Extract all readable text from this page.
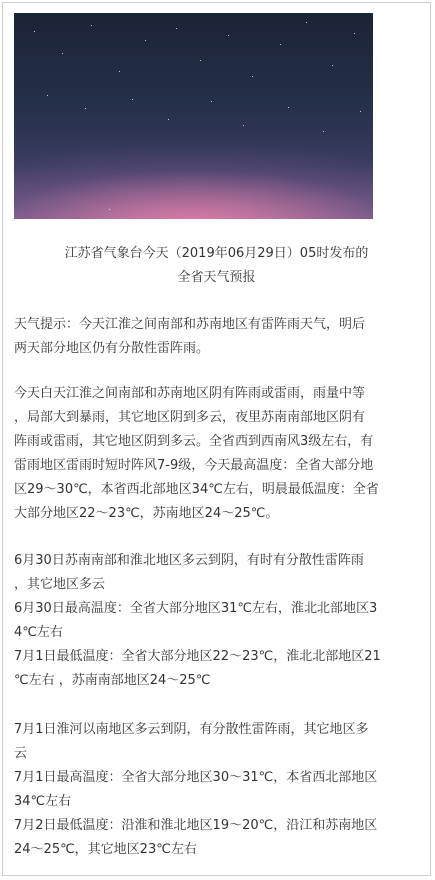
江苏省气象台今天（2019年06月29日）05时发布的
全省天气预报
天气提示：今天江淮之间南部和苏南地区有雷阵雨天气，明后
两天部分地区仍有分散性雷阵雨。
今天白天江淮之间南部和苏南地区阴有阵雨或雷雨，雨量中等
，局部大到暴雨，其它地区阴到多云，夜里苏南南部地区阴有
阵雨或雷雨，其它地区阴到多云。全省西到西南风3级左右，有
雷雨地区雷雨时短时阵风7-9级，今天最高温度：全省大部分地
区29～30℃，本省西北部地区34℃左右，明晨最低温度：全省
大部分地区22～23℃，苏南地区24～25℃。
6月30日苏南南部和淮北地区多云到阴，有时有分散性雷阵雨
，其它地区多云
6月30日最高温度：全省大部分地区31℃左右，淮北北部地区3
4℃左右
7月1日最低温度：全省大部分地区22～23℃，淮北北部地区21
℃左右 ，苏南南部地区24～25℃
7月1日淮河以南地区多云到阴，有分散性雷阵雨，其它地区多
云
7月1日最高温度：全省大部分地区30～31℃，本省西北部地区
34℃左右
7月2日最低温度：沿淮和淮北地区19～20℃，沿江和苏南地区
24～25℃，其它地区23℃左右
